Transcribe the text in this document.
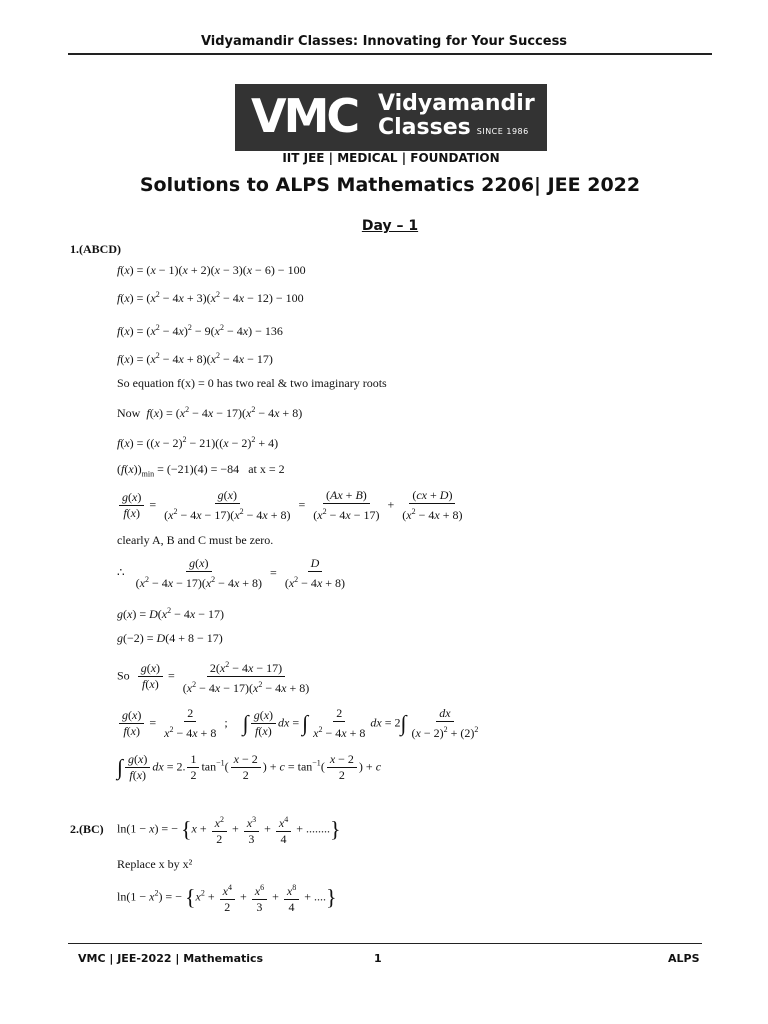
Vidyamandir Classes: Innovating for Your Success
VMC Vidyamandir
Classes SINCE 1986
IIT JEE | MEDICAL | FOUNDATION
Solutions to ALPS Mathematics 2206| JEE 2022
Day – 1
1.(ABCD)
f(x) = (x − 1)(x + 2)(x − 3)(x − 6) − 100
$f(x) = (x^2 - 4x + 3)(x^2 - 4x - 12) - 100$
$f(x) = (x^2 - 4x)^2 - 9(x^2 - 4x) - 136$
$f(x) = (x^2 - 4x + 8)(x^2 - 4x - 17)$
So equation f(x) = 0 has two real & two imaginary roots
Now $f(x) = (x^2 - 4x - 17)(x^2 - 4x + 8)$
$f(x) = ((x - 2)^2 - 21)((x - 2)^2 + 4)$
$(f(x))_{min} = (-21)(4) = -84$   at x = 2
$\frac{g(x)}{f(x)} = \frac{g(x)}{(x^2 - 4x - 17)(x^2 - 4x + 8)} = \frac{(Ax + B)}{(x^2 - 4x - 17)} + \frac{(cx + D)}{(x^2 - 4x + 8)}$
clearly A, B and C must be zero.
∴ $\frac{g(x)}{(x^2 - 4x - 17)(x^2 - 4x + 8)} = \frac{D}{(x^2 - 4x + 8)}$
$g(x) = D(x^2 - 4x - 17)$
g(−2) = D(4 + 8 − 17)
So $\frac{g(x)}{f(x)} = \frac{2(x^2 - 4x - 17)}{(x^2 - 4x - 17)(x^2 - 4x + 8)}$
$\frac{g(x)}{f(x)} = \frac{2}{x^2 - 4x + 8}$ ;     ∫ $\frac{g(x)}{f(x)}$ dx = ∫ $\frac{2}{x^2 - 4x + 8}$ dx = $2\int \frac{dx}{(x - 2)^2 + (2)^2}$
∫ $\frac{g(x)}{f(x)}$ dx = 2. $\frac{1}{2} \tan^{-1}( \frac{x - 2}{2}$ ) + $c = \tan^{-1}( \frac{x - 2}{2}$ ) + c
2.(BC) ln(1 − x) = − {$x + \frac{x^2}{2} + \frac{x^3}{3} + \frac{x^4}{4}$ + ........}
Replace x by x²
$\ln(1 - x^2)$ = − {$x^2 + \frac{x^4}{2} + \frac{x^6}{3} + \frac{x^8}{4}$ + ....}
VMC | JEE-2022 | Mathematics	1	ALPS
